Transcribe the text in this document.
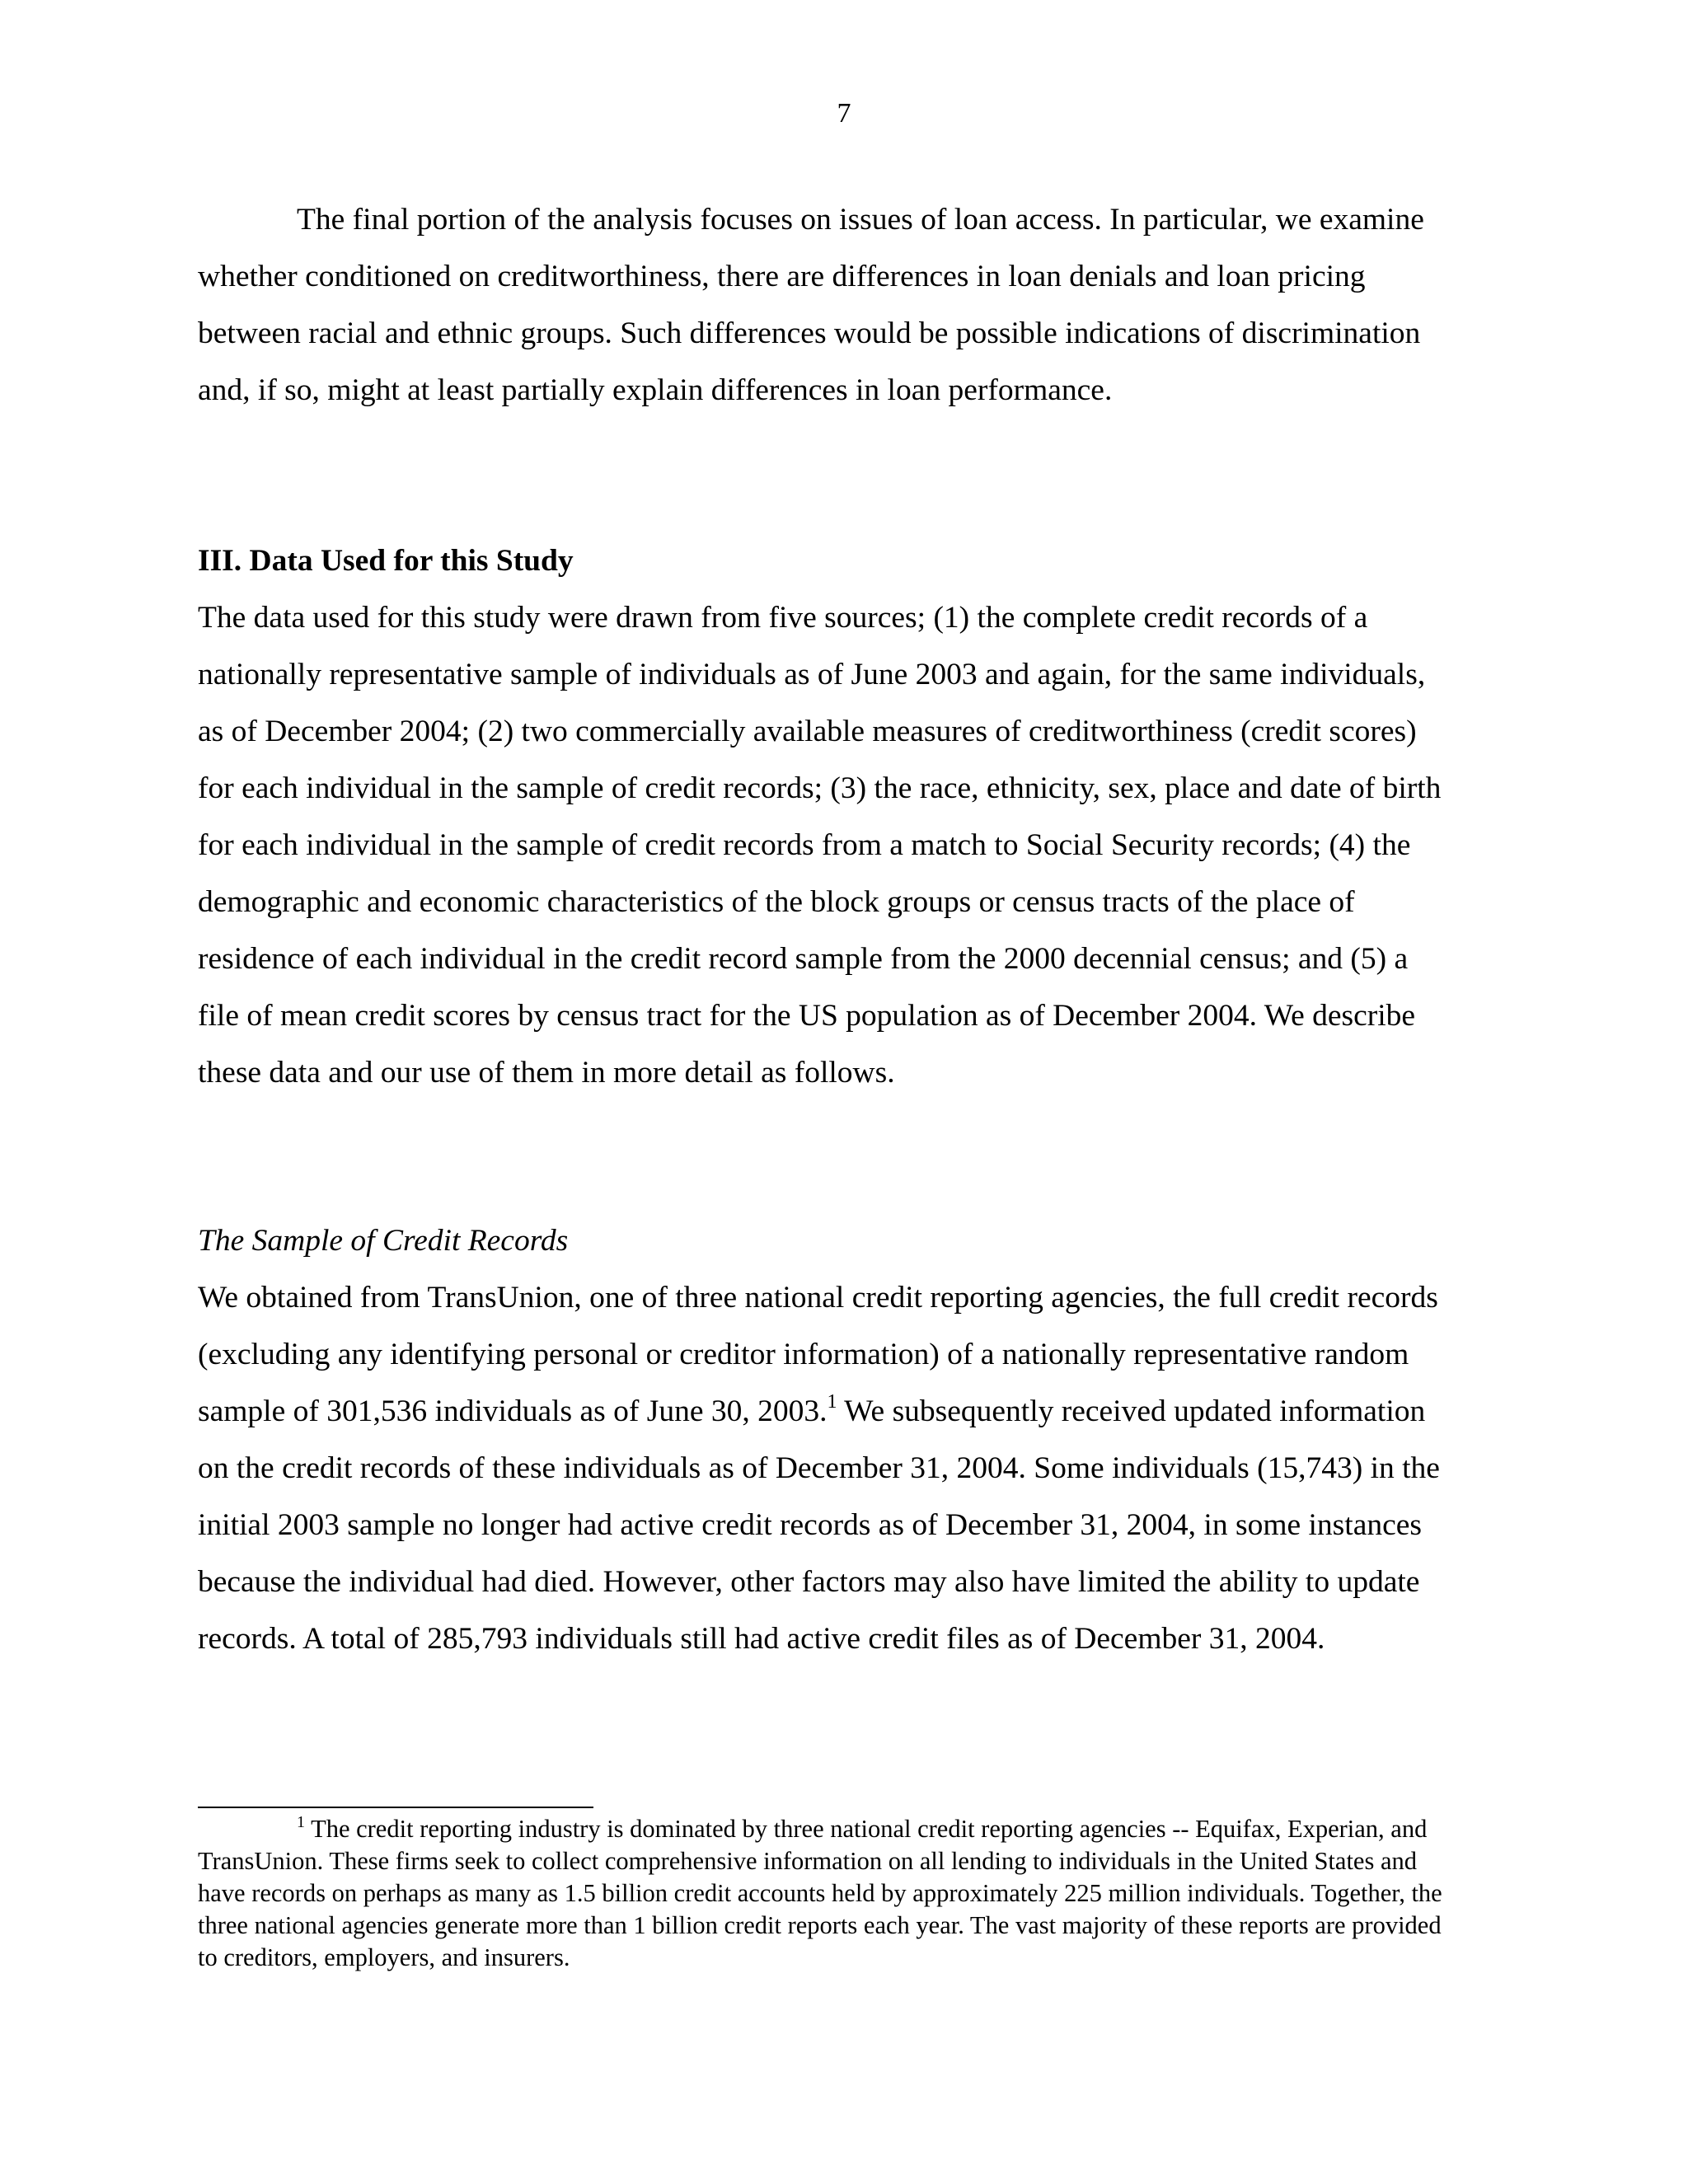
7

The final portion of the analysis focuses on issues of loan access. In particular, we examine whether conditioned on creditworthiness, there are differences in loan denials and loan pricing between racial and ethnic groups. Such differences would be possible indications of discrimination and, if so, might at least partially explain differences in loan performance.

III. Data Used for this Study

The data used for this study were drawn from five sources; (1) the complete credit records of a nationally representative sample of individuals as of June 2003 and again, for the same individuals, as of December 2004; (2) two commercially available measures of creditworthiness (credit scores) for each individual in the sample of credit records; (3) the race, ethnicity, sex, place and date of birth for each individual in the sample of credit records from a match to Social Security records; (4) the demographic and economic characteristics of the block groups or census tracts of the place of residence of each individual in the credit record sample from the 2000 decennial census; and (5) a file of mean credit scores by census tract for the US population as of December 2004. We describe these data and our use of them in more detail as follows.

The Sample of Credit Records

We obtained from TransUnion, one of three national credit reporting agencies, the full credit records (excluding any identifying personal or creditor information) of a nationally representative random sample of 301,536 individuals as of June 30, 2003.$^1$ We subsequently received updated information on the credit records of these individuals as of December 31, 2004. Some individuals (15,743) in the initial 2003 sample no longer had active credit records as of December 31, 2004, in some instances because the individual had died. However, other factors may also have limited the ability to update records. A total of 285,793 individuals still had active credit files as of December 31, 2004.

$^1$ The credit reporting industry is dominated by three national credit reporting agencies -- Equifax, Experian, and TransUnion. These firms seek to collect comprehensive information on all lending to individuals in the United States and have records on perhaps as many as 1.5 billion credit accounts held by approximately 225 million individuals. Together, the three national agencies generate more than 1 billion credit reports each year. The vast majority of these reports are provided to creditors, employers, and insurers.
